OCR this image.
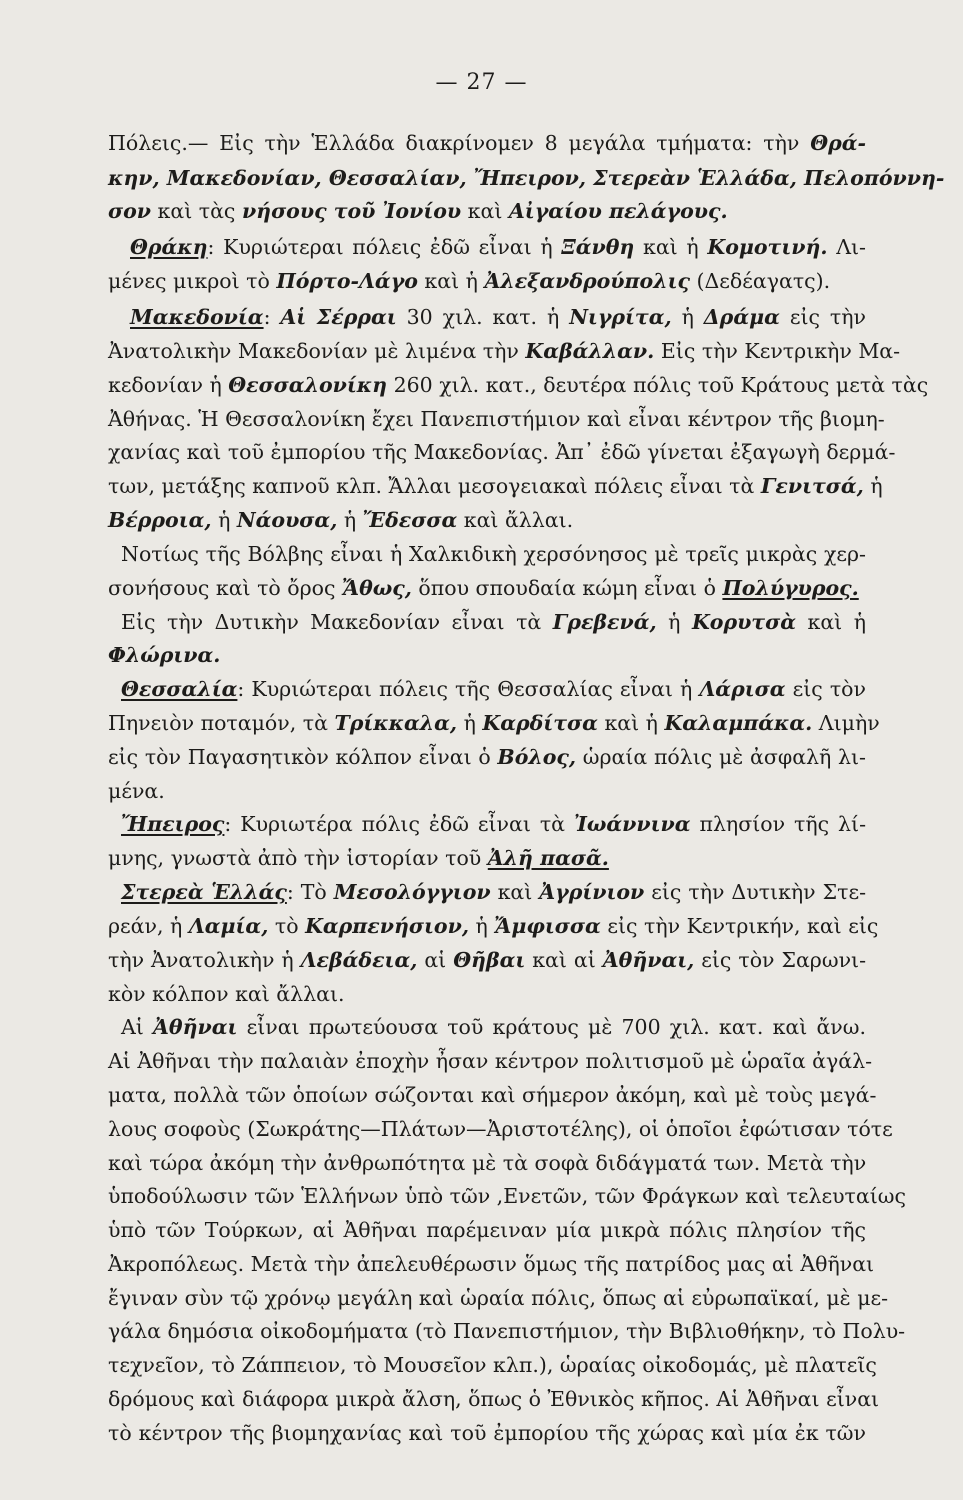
— 27 —
Πόλεις.— Εἰς τὴν Ἑλλάδα διακρίνομεν 8 μεγάλα τμήματα: τὴν Θρά-
κην, Μακεδονίαν, Θεσσαλίαν, Ἤπειρον, Στερεὰν Ἑλλάδα, Πελοπόννη-
σον καὶ τὰς νήσους τοῦ Ἰονίου καὶ Αἰγαίου πελάγους.
Θράκη: Κυριώτεραι πόλεις ἐδῶ εἶναι ἡ Ξάνθη καὶ ἡ Κομοτινή. Λι-
μένες μικροὶ τὸ Πόρτο-Λάγο καὶ ἡ Ἀλεξανδρούπολις (Δεδέαγατς).
Μακεδονία: Αἱ Σέρραι 30 χιλ. κατ. ἡ Νιγρίτα, ἡ Δράμα εἰς τὴν
Ἀνατολικὴν Μακεδονίαν μὲ λιμένα τὴν Καβάλλαν. Εἰς τὴν Κεντρικὴν Μα-
κεδονίαν ἡ Θεσσαλονίκη 260 χιλ. κατ., δευτέρα πόλις τοῦ Κράτους μετὰ τὰς
Ἀθήνας. Ἡ Θεσσαλονίκη ἔχει Πανεπιστήμιον καὶ εἶναι κέντρον τῆς βιομη-
χανίας καὶ τοῦ ἐμπορίου τῆς Μακεδονίας. Ἀπ᾽ ἐδῶ γίνεται ἐξαγωγὴ δερμά-
των, μετάξης καπνοῦ κλπ. Ἄλλαι μεσογειακαὶ πόλεις εἶναι τὰ Γενιτσά, ἡ
Βέρροια, ἡ Νάουσα, ἡ Ἔδεσσα καὶ ἄλλαι.
Νοτίως τῆς Βόλβης εἶναι ἡ Χαλκιδικὴ χερσόνησος μὲ τρεῖς μικρὰς χερ-
σονήσους καὶ τὸ ὄρος Ἄθως, ὅπου σπουδαία κώμη εἶναι ὁ Πολύγυρος.
Εἰς τὴν Δυτικὴν Μακεδονίαν εἶναι τὰ Γρεβενά, ἡ Κορυτσὰ καὶ ἡ
Φλώρινα.
Θεσσαλία: Κυριώτεραι πόλεις τῆς Θεσσαλίας εἶναι ἡ Λάρισα εἰς τὸν
Πηνειὸν ποταμόν, τὰ Τρίκκαλα, ἡ Καρδίτσα καὶ ἡ Καλαμπάκα. Λιμὴν
εἰς τὸν Παγασητικὸν κόλπον εἶναι ὁ Βόλος, ὡραία πόλις μὲ ἀσφαλῆ λι-
μένα.
Ἤπειρος: Κυριωτέρα πόλις ἐδῶ εἶναι τὰ Ἰωάννινα πλησίον τῆς λί-
μνης, γνωστὰ ἀπὸ τὴν ἱστορίαν τοῦ Ἀλῆ πασᾶ.
Στερεὰ Ἑλλάς: Τὸ Μεσολόγγιον καὶ Ἀγρίνιον εἰς τὴν Δυτικὴν Στε-
ρεάν, ἡ Λαμία, τὸ Καρπενήσιον, ἡ Ἄμφισσα εἰς τὴν Κεντρικήν, καὶ εἰς
τὴν Ἀνατολικὴν ἡ Λεβάδεια, αἱ Θῆβαι καὶ αἱ Ἀθῆναι, εἰς τὸν Σαρωνι-
κὸν κόλπον καὶ ἄλλαι.
Αἱ Ἀθῆναι εἶναι πρωτεύουσα τοῦ κράτους μὲ 700 χιλ. κατ. καὶ ἄνω.
Αἱ Ἀθῆναι τὴν παλαιὰν ἐποχὴν ἦσαν κέντρον πολιτισμοῦ μὲ ὡραῖα ἀγάλ-
ματα, πολλὰ τῶν ὁποίων σώζονται καὶ σήμερον ἀκόμη, καὶ μὲ τοὺς μεγά-
λους σοφοὺς (Σωκράτης—Πλάτων—Ἀριστοτέλης), οἱ ὁποῖοι ἐφώτισαν τότε
καὶ τώρα ἀκόμη τὴν ἀνθρωπότητα μὲ τὰ σοφὰ διδάγματά των. Μετὰ τὴν
ὑποδούλωσιν τῶν Ἑλλήνων ὑπὸ τῶν ,Ενετῶν, τῶν Φράγκων καὶ τελευταίως
ὑπὸ τῶν Τούρκων, αἱ Ἀθῆναι παρέμειναν μία μικρὰ πόλις πλησίον τῆς
Ἀκροπόλεως. Μετὰ τὴν ἀπελευθέρωσιν ὅμως τῆς πατρίδος μας αἱ Ἀθῆναι
ἔγιναν σὺν τῷ χρόνῳ μεγάλη καὶ ὡραία πόλις, ὅπως αἱ εὐρωπαϊκαί, μὲ με-
γάλα δημόσια οἰκοδομήματα (τὸ Πανεπιστήμιον, τὴν Βιβλιοθήκην, τὸ Πολυ-
τεχνεῖον, τὸ Ζάππειον, τὸ Μουσεῖον κλπ.), ὡραίας οἰκοδομάς, μὲ πλατεῖς
δρόμους καὶ διάφορα μικρὰ ἄλση, ὅπως ὁ Ἐθνικὸς κῆπος. Αἱ Ἀθῆναι εἶναι
τὸ κέντρον τῆς βιομηχανίας καὶ τοῦ ἐμπορίου τῆς χώρας καὶ μία ἐκ τῶν
